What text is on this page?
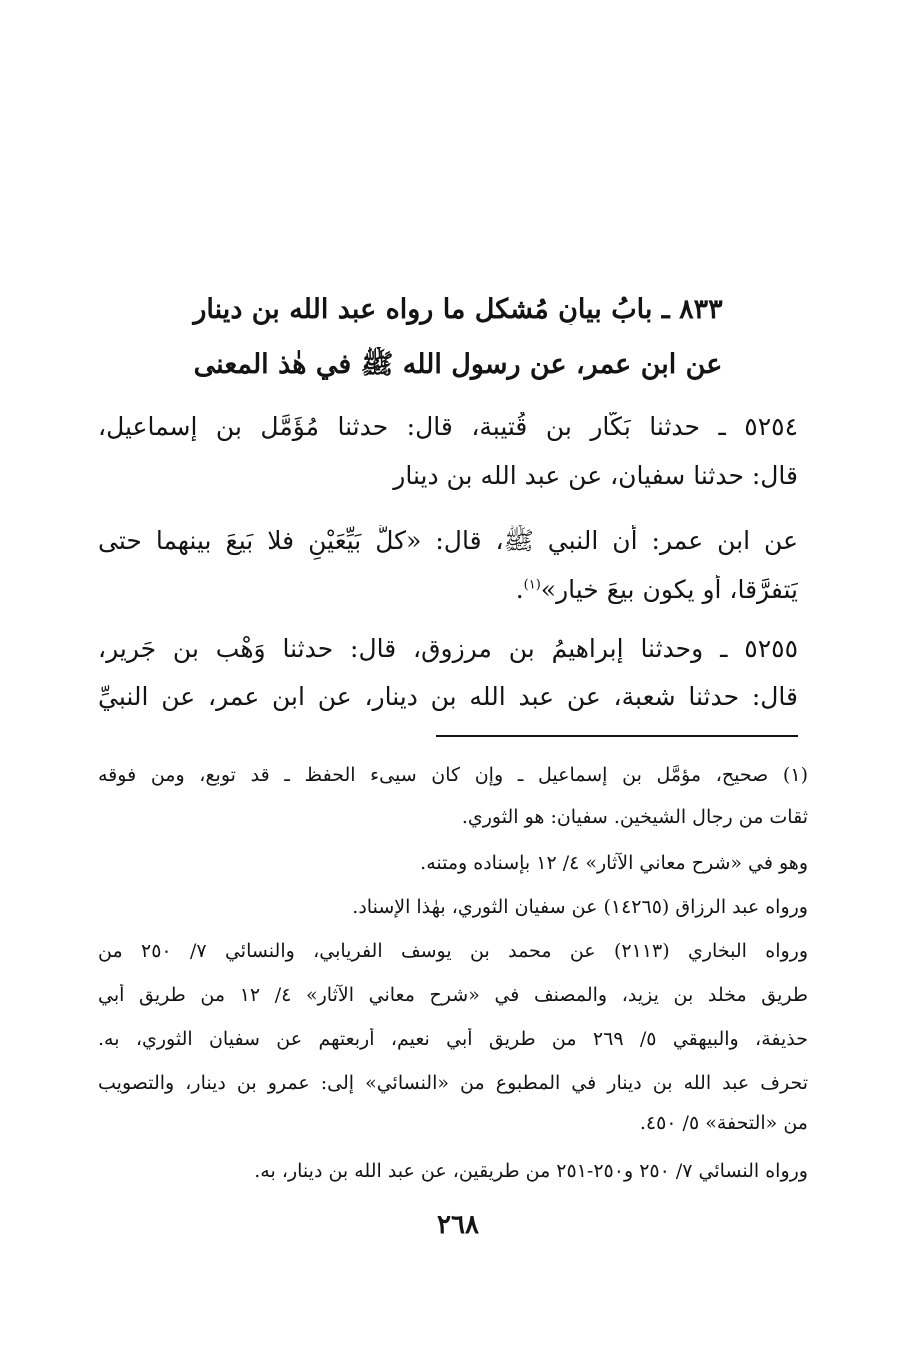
٨٣٣ ـ بابُ بيانِ مُشكل ما رواه عبد الله بن دينار
عن ابن عمر، عن رسول الله ﷺ في هٰذ المعنى
٥٢٥٤ ـ حدثنا بَكّار بن قُتيبة، قال: حدثنا مُؤَمَّل بن إسماعيل،
قال: حدثنا سفيان، عن عبد الله بن دينار
عن ابن عمر: أن النبي ﷺ، قال: «كلُّ بَيِّعَيْنِ فلا بَيعَ بينهما حتى
يَتفرَّقا، أو يكون بيعَ خيارٍ»$^{(١)}$.
٥٢٥٥ ـ وحدثنا إبراهيمُ بن مرزوق، قال: حدثنا وَهْب بن جَرير،
قال: حدثنا شعبة، عن عبد الله بن دينار، عن ابن عمر، عن النبيِّ
(١) صحيح، مؤمَّل بن إسماعيل ـ وإن كان سيىء الحفظ ـ قد توبع، ومن فوقه
ثقات من رجال الشيخين. سفيان: هو الثوري.
وهو في «شرح معاني الآثار» ٤/ ١٢ بإسناده ومتنه.
ورواه عبد الرزاق (١٤٢٦٥) عن سفيان الثوري، بهٰذا الإسناد.
ورواه البخاري (٢١١٣) عن محمد بن يوسف الفريابي، والنسائي ٧/ ٢٥٠ من
طريق مخلد بن يزيد، والمصنف في «شرح معاني الآثار» ٤/ ١٢ من طريق أبي
حذيفة، والبيهقي ٥/ ٢٦٩ من طريق أبي نعيم، أربعتهم عن سفيان الثوري، به.
تحرف عبد الله بن دينار في المطبوع من «النسائي» إلى: عمرو بن دينار، والتصويب
من «التحفة» ٥/ ٤٥٠.
ورواه النسائي ٧/ ٢٥٠ و٢٥٠-٢٥١ من طريقين، عن عبد الله بن دينار، به.
٢٦٨
